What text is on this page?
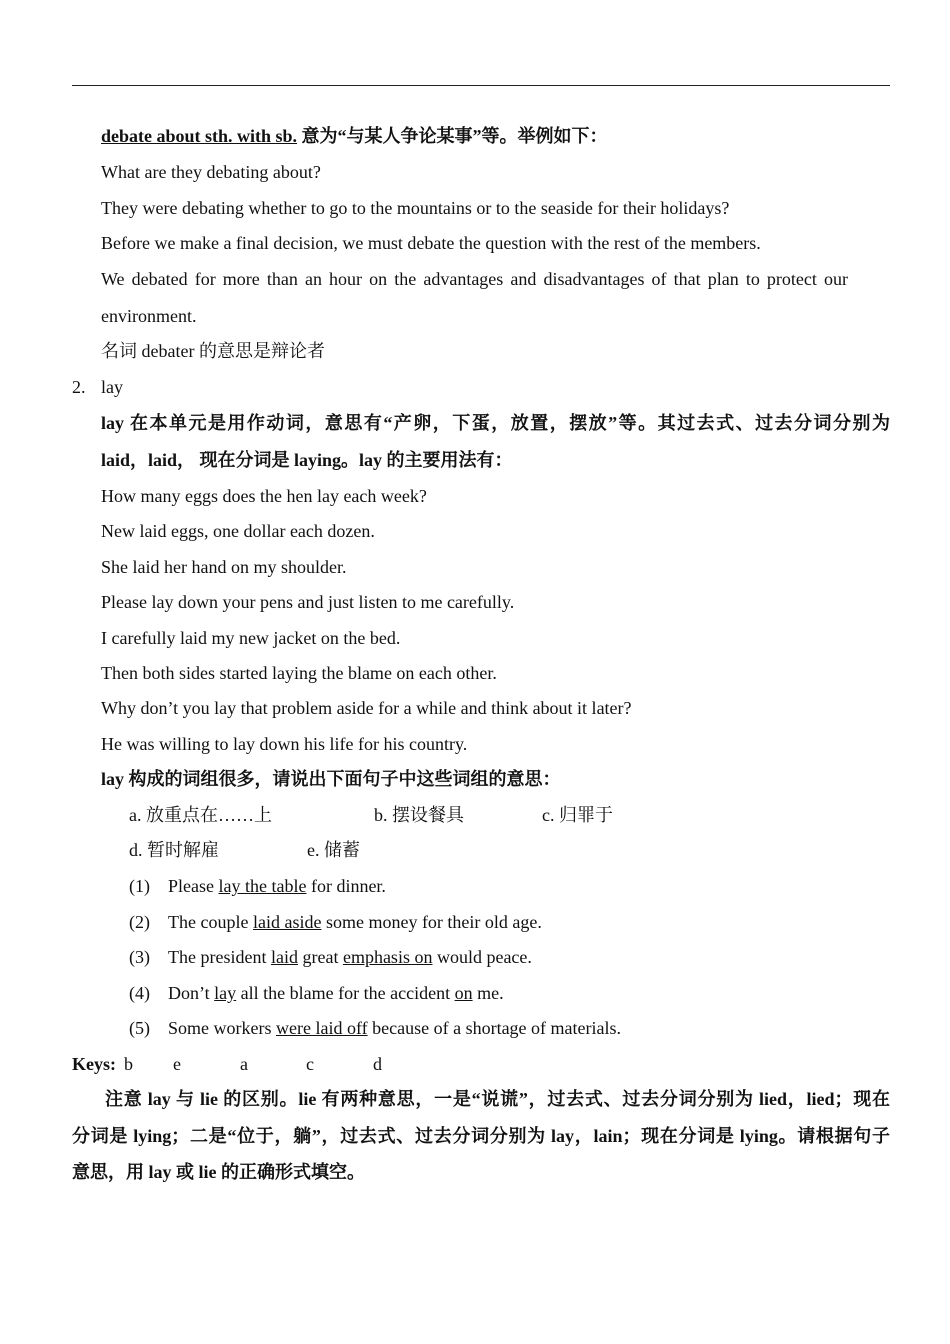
debate about sth. with sb. 意为“与某人争论某事”等。举例如下：
What are they debating about?
They were debating whether to go to the mountains or to the seaside for their holidays?
Before we make a final decision, we must debate the question with the rest of the members.
We debated for more than an hour on the advantages and disadvantages of that plan to protect our
environment.
名词 debater 的意思是辩论者
2. lay
lay 在本单元是用作动词，意思有“产卵，下蛋，放置，摆放”等。其过去式、过去分词分别为
laid，laid， 现在分词是 laying。lay 的主要用法有：
How many eggs does the hen lay each week?
New laid eggs, one dollar each dozen.
She laid her hand on my shoulder.
Please lay down your pens and just listen to me carefully.
I carefully laid my new jacket on the bed.
Then both sides started laying the blame on each other.
Why don’t you lay that problem aside for a while and think about it later?
He was willing to lay down his life for his country.
lay 构成的词组很多，请说出下面句子中这些词组的意思：
a. 放重点在……上	b. 摆设餐具	c. 归罪于
d. 暂时解雇	e. 储蓄
(1) Please lay the table for dinner.
(2) The couple laid aside some money for their old age.
(3) The president laid great emphasis on would peace.
(4) Don’t lay all the blame for the accident on me.
(5) Some workers were laid off because of a shortage of materials.
Keys: b e	a	c	d
注意 lay 与 lie 的区别。lie 有两种意思，一是“说谎”，过去式、过去分词分别为 lied，lied；现在
分词是 lying；二是“位于，躺”，过去式、过去分词分别为 lay，lain；现在分词是 lying。请根据句子
意思，用 lay 或 lie 的正确形式填空。
